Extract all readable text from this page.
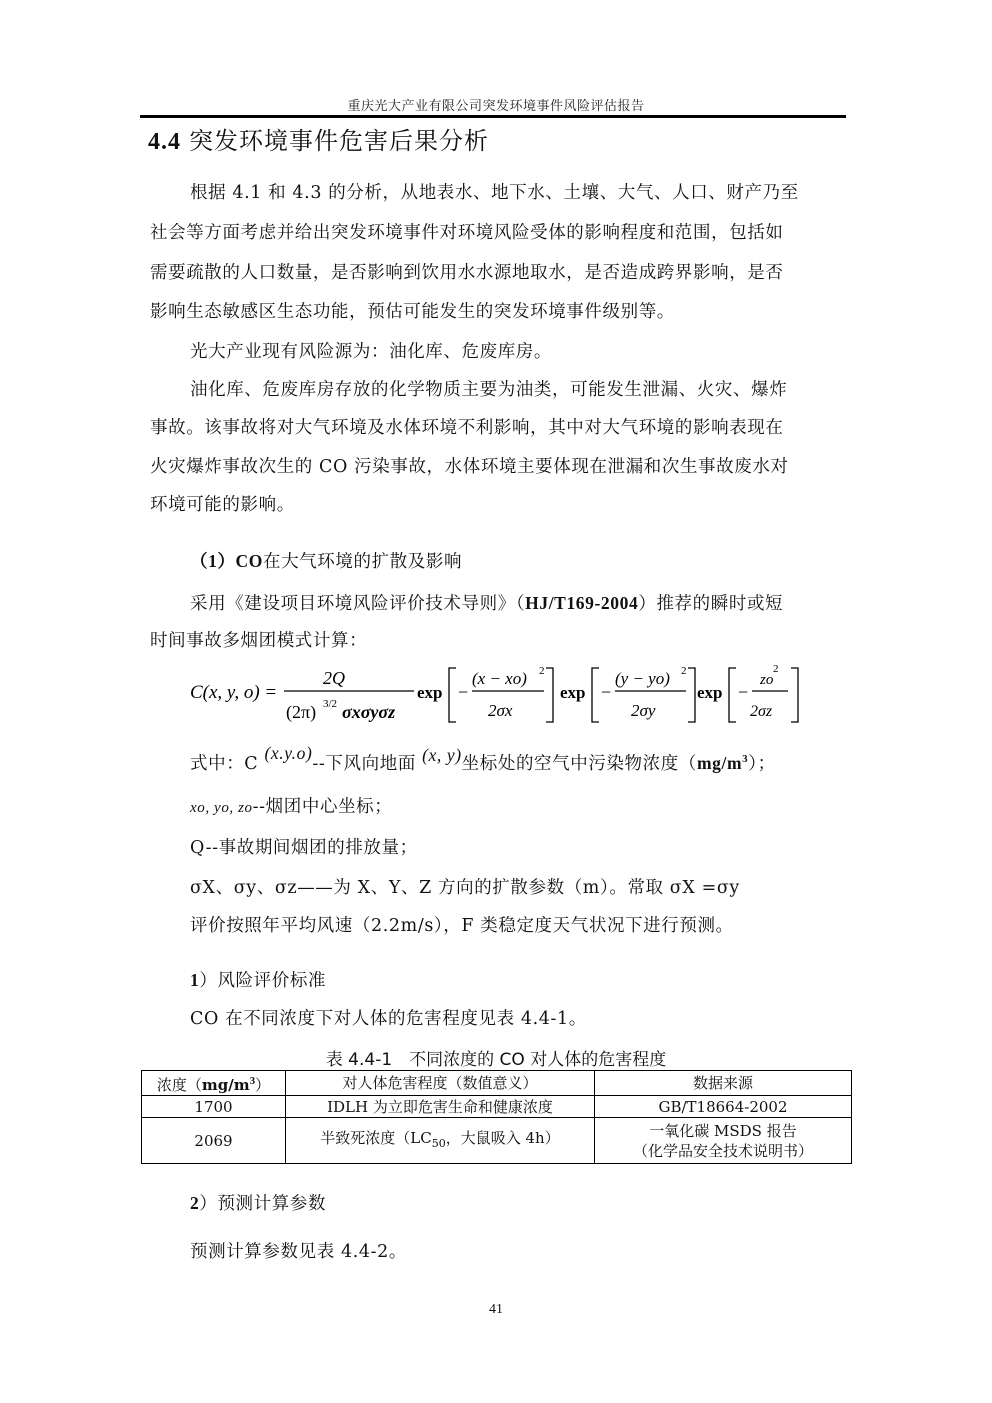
重庆光大产业有限公司突发环境事件风险评估报告
4.4 突发环境事件危害后果分析
根据 4.1 和 4.3 的分析，从地表水、地下水、土壤、大气、人口、财产乃至
社会等方面考虑并给出突发环境事件对环境风险受体的影响程度和范围，包括如
需要疏散的人口数量，是否影响到饮用水水源地取水，是否造成跨界影响，是否
影响生态敏感区生态功能，预估可能发生的突发环境事件级别等。
光大产业现有风险源为：油化库、危废库房。
油化库、危废库房存放的化学物质主要为油类，可能发生泄漏、火灾、爆炸
事故。该事故将对大气环境及水体环境不利影响，其中对大气环境的影响表现在
火灾爆炸事故次生的 CO 污染事故，水体环境主要体现在泄漏和次生事故废水对
环境可能的影响。
（1）CO在大气环境的扩散及影响
采用《建设项目环境风险评价技术导则》（HJ/T169-2004）推荐的瞬时或短
时间事故多烟团模式计算：
C(x, y, o) =
2Q
(2π) 3/2 σxσyσz
exp −
(x − xo) 2
2σx
exp −
(y − yo) 2
2σy
exp −
zo
2
2σz
式中：C (x.y.o)--下风向地面 (x, y)坐标处的空气中污染物浓度$(mg/m^3)$；
xo, yo, zo--烟团中心坐标；
Q--事故期间烟团的排放量；
σX、σy、σz——为 X、Y、Z 方向的扩散参数（m）。常取 σX =σy
评价按照年平均风速（2.2m/s），F 类稳定度天气状况下进行预测。
1）风险评价标准
CO 在不同浓度下对人体的危害程度见表 4.4-1。
表 4.4-1　不同浓度的 CO 对人体的危害程度
浓度$(mg/m^3)$	对人体危害程度（数值意义）	数据来源
1700	IDLH 为立即危害生命和健康浓度	GB/T18664-2002
2069	半致死浓度（$LC_{50}$，大鼠吸入 4h）	一氧化碳 MSDS 报告
（化学品安全技术说明书）
2）预测计算参数
预测计算参数见表 4.4-2。
41
